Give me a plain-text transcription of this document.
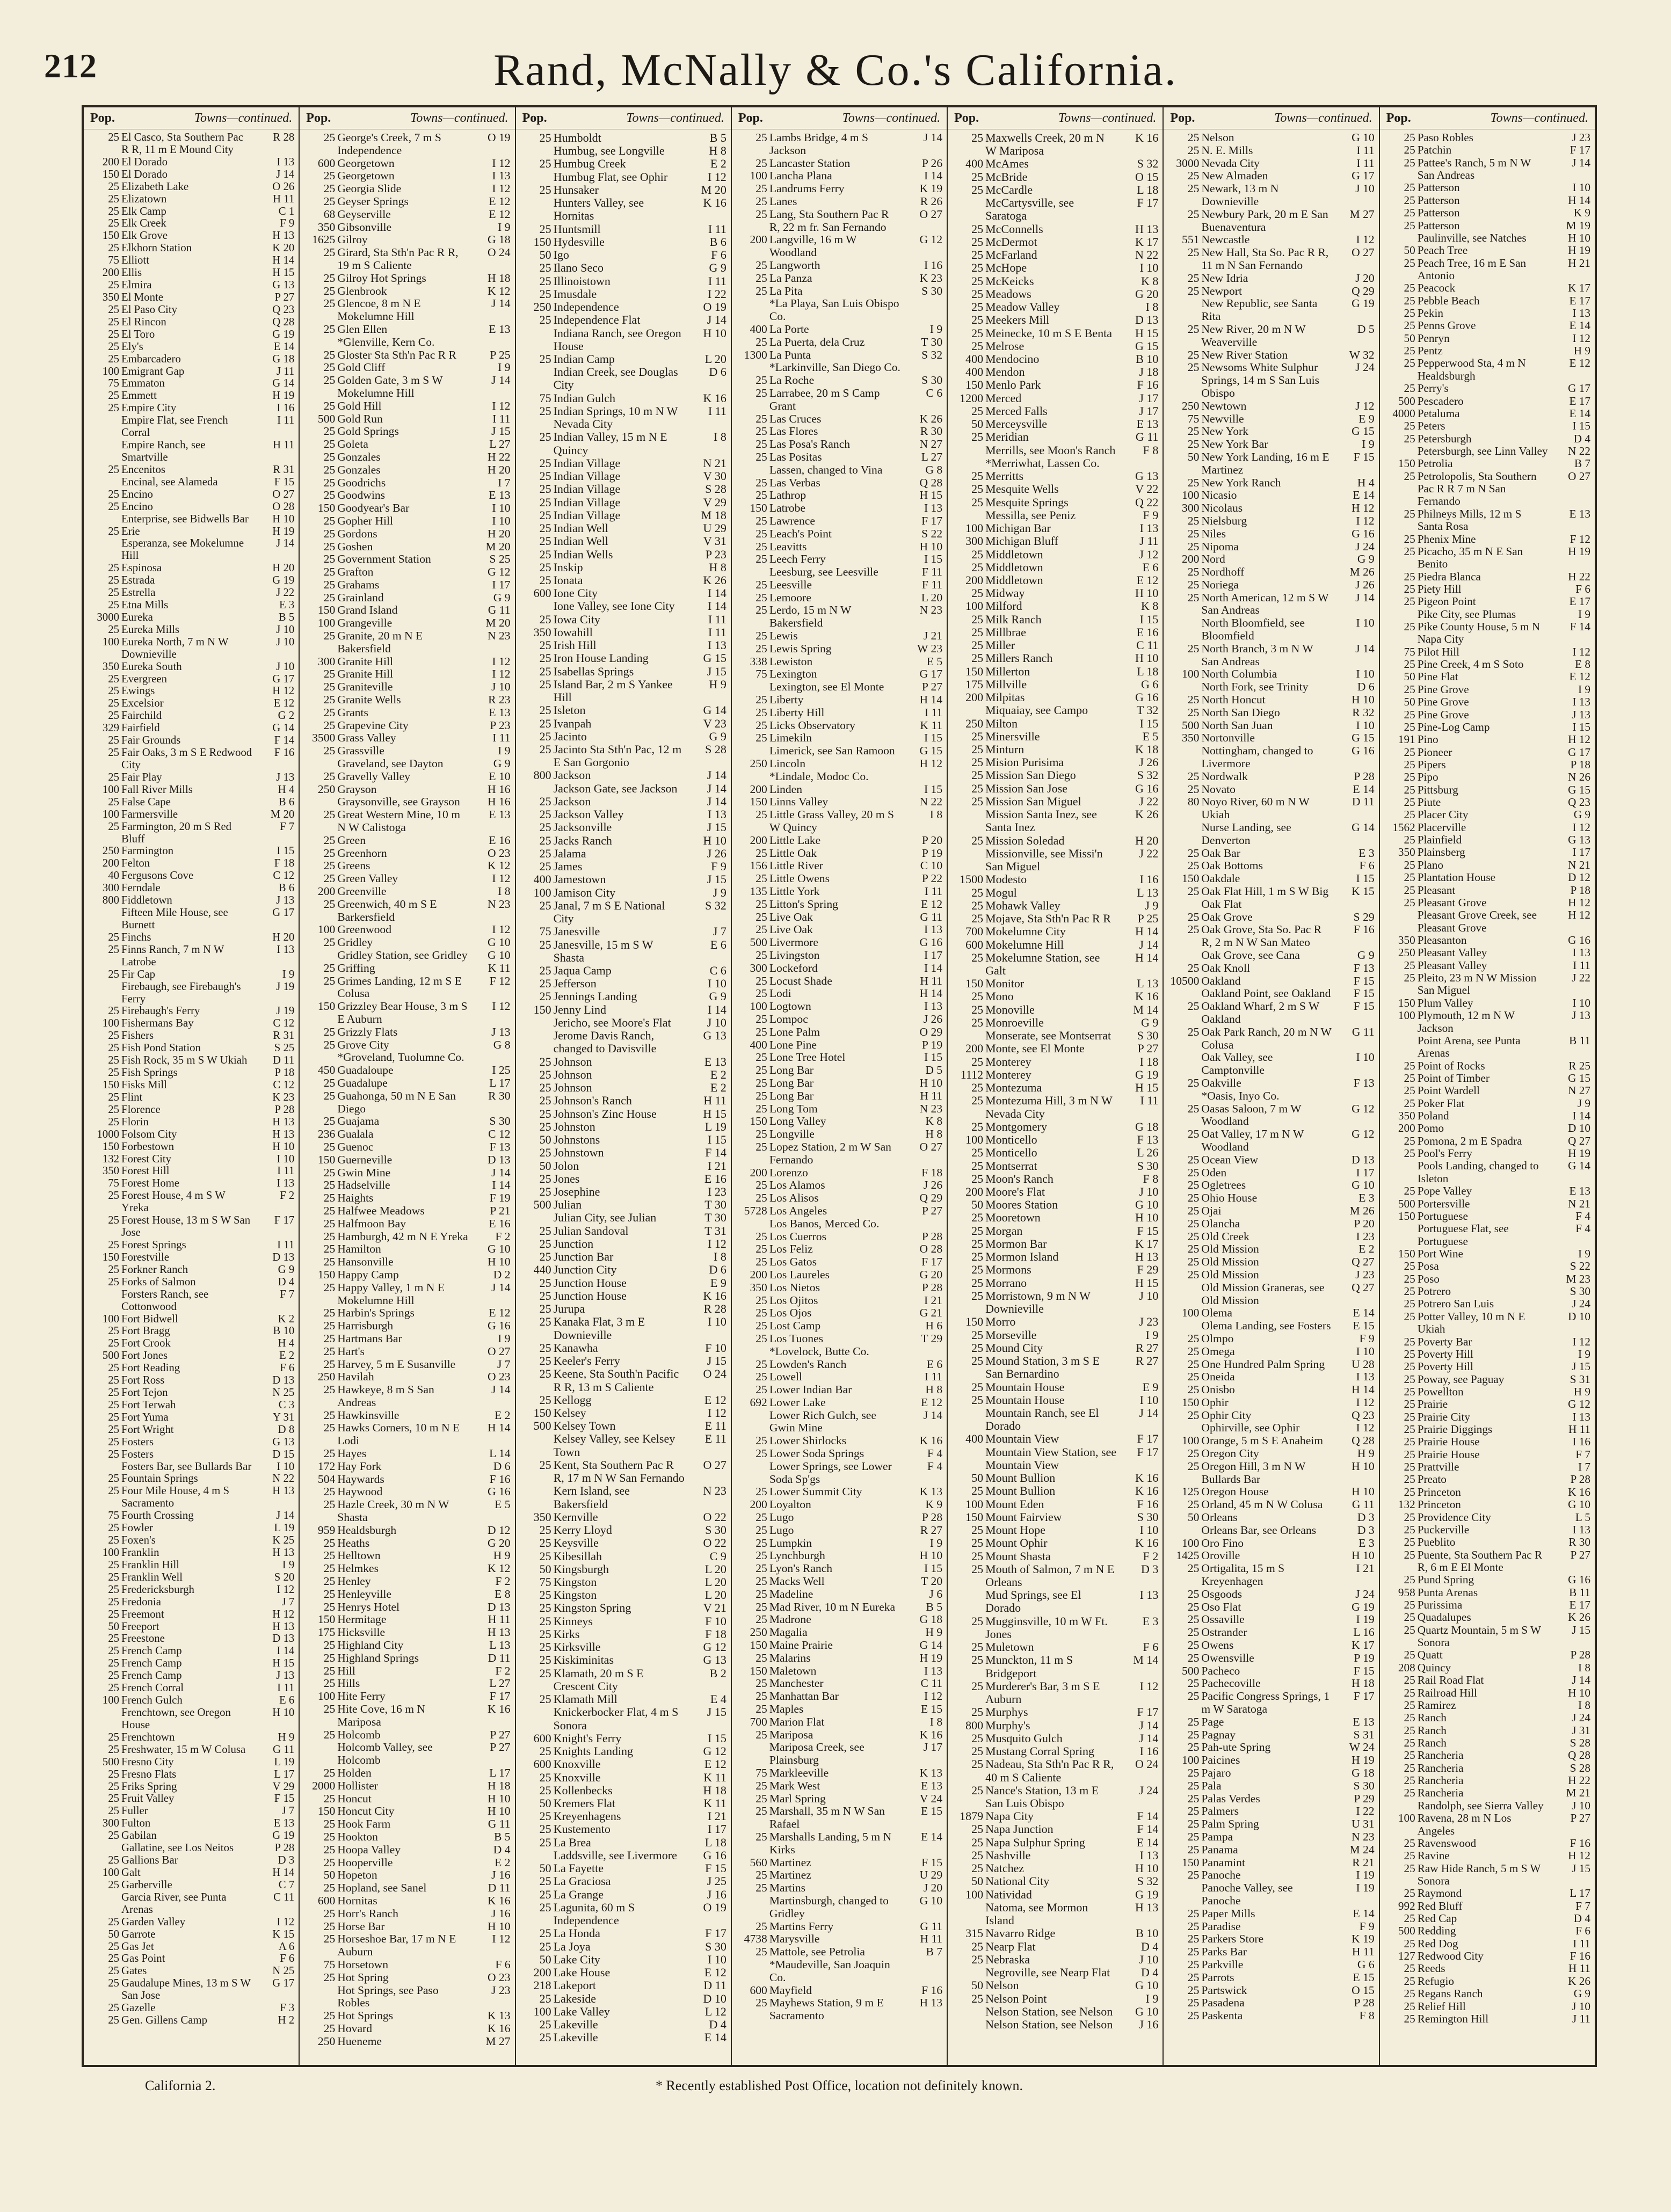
212	Rand, McNally & Co.'s California.
Pop.	Towns—continued.
25 El Casco, Sta Southern Pac R R, 11 m E Mound City
R 28
200 El Dorado	I 13
150 El Dorado	J 14
25 Elizabeth Lake	O 26
25 Elizatown	H 11
25 Elk Camp	C 1
25 Elk Creek	F 9
150 Elk Grove	H 13
25 Elkhorn Station	K 20
75 Elliott	H 14
200 Ellis	H 15
25 Elmira	G 13
350 El Monte	P 27
25 El Paso City	Q 23
25 El Rincon	Q 28
25 El Toro	G 19
25 Ely's	E 14
25 Embarcadero	G 18
100 Emigrant Gap	J 11
75 Emmaton	G 14
25 Emmett	H 19
25 Empire City	I 16
Empire Flat, see French Corral
I 11
Empire Ranch, see Smartville
H 11
25 Encenitos	R 31
Encinal, see Alameda	F 15
25 Encino	O 27
25 Encino	O 28
Enterprise, see Bidwells Bar	H 10
25 Erie	H 19
Esperanza, see Mokelumne Hill
J 14
25 Espinosa	H 20
25 Estrada	G 19
25 Estrella	J 22
25 Etna Mills	E 3
3000 Eureka	B 5
25 Eureka Mills	J 10
100 Eureka North, 7 m N W Downieville
J 10
350 Eureka South	J 10
25 Evergreen	G 17
25 Ewings	H 12
25 Excelsior	E 12
25 Fairchild	G 2
329 Fairfield	G 14
25 Fair Grounds	F 14
25 Fair Oaks, 3 m S E Redwood City
F 16
25 Fair Play	J 13
100 Fall River Mills	H 4
25 False Cape	B 6
100 Farmersville	M 20
25 Farmington, 20 m S Red Bluff
F 7
250 Farmington	I 15
200 Felton	F 18
40 Fergusons Cove	C 12
300 Ferndale	B 6
800 Fiddletown	J 13
Fifteen Mile House, see Burnett
G 17
25 Finchs	H 20
25 Finns Ranch, 7 m N W Latrobe
I 13
25 Fir Cap	I 9
Firebaugh, see Firebaugh's Ferry
J 19
25 Firebaugh's Ferry	J 19
100 Fishermans Bay	C 12
25 Fishers	R 31
25 Fish Pond Station	S 25
25 Fish Rock, 35 m S W Ukiah	D 11
25 Fish Springs	P 18
150 Fisks Mill	C 12
25 Flint	K 23
25 Florence	P 28
25 Florin	H 13
1000 Folsom City	H 13
150 Forbestown	H 10
132 Forest City	I 10
350 Forest Hill	I 11
75 Forest Home	I 13
25 Forest House, 4 m S W Yreka
F 2
25 Forest House, 13 m S W San Jose
F 17
25 Forest Springs	I 11
150 Forestville	D 13
25 Forkner Ranch	G 9
25 Forks of Salmon	D 4
Forsters Ranch, see Cottonwood
F 7
100 Fort Bidwell	K 2
25 Fort Bragg	B 10
25 Fort Crook	H 4
500 Fort Jones	E 2
25 Fort Reading	F 6
25 Fort Ross	D 13
25 Fort Tejon	N 25
25 Fort Terwah	C 3
25 Fort Yuma	Y 31
25 Fort Wright	D 8
25 Fosters	G 13
25 Fosters	D 15
Fosters Bar, see Bullards Bar	I 10
25 Fountain Springs	N 22
25 Four Mile House, 4 m S Sacramento
H 13
75 Fourth Crossing	J 14
25 Fowler	L 19
25 Foxen's	K 25
100 Franklin	H 13
25 Franklin Hill	I 9
25 Franklin Well	S 20
25 Fredericksburgh	I 12
25 Fredonia	J 7
25 Freemont	H 12
50 Freeport	H 13
25 Freestone	D 13
25 French Camp	I 14
25 French Camp	H 15
25 French Camp	J 13
25 French Corral	I 11
100 French Gulch	E 6
Frenchtown, see Oregon House
H 10
25 Frenchtown	H 9
25 Freshwater, 15 m W Colusa	G 11
500 Fresno City	L 19
25 Fresno Flats	L 17
25 Friks Spring	V 29
25 Fruit Valley	F 15
25 Fuller	J 7
300 Fulton	E 13
25 Gabilan	G 19
Gallatine, see Los Neitos	P 28
25 Gallions Bar	D 3
100 Galt	H 14
25 Garberville	C 7
Garcia River, see Punta Arenas
C 11
25 Garden Valley	I 12
50 Garrote	K 15
25 Gas Jet	A 6
25 Gas Point	F 6
25 Gates	N 25
25 Gaudalupe Mines, 13 m S W San Jose
G 17
25 Gazelle	F 3
25 Gen. Gillens Camp	H 2
Pop.	Towns—continued.
25 George's Creek, 7 m S Independence
O 19
600 Georgetown	I 12
25 Georgetown	I 13
25 Georgia Slide	I 12
25 Geyser Springs	E 12
68 Geyserville	E 12
350 Gibsonville	I 9
1625 Gilroy	G 18
25 Girard, Sta Sth'n Pac R R, 19 m S Caliente
O 24
25 Gilroy Hot Springs	H 18
25 Glenbrook	K 12
25 Glencoe, 8 m N E Mokelumne Hill
J 14
25 Glen Ellen	E 13
*Glenville, Kern Co.
25 Gloster Sta Sth'n Pac R R	P 25
25 Gold Cliff	I 9
25 Golden Gate, 3 m S W Mokelumne Hill
J 14
25 Gold Hill	I 12
500 Gold Run	I 11
25 Gold Springs	J 15
25 Goleta	L 27
25 Gonzales	H 22
25 Gonzales	H 20
25 Goodrichs	I 7
25 Goodwins	E 13
150 Goodyear's Bar	I 10
25 Gopher Hill	I 10
25 Gordons	H 20
25 Goshen	M 20
25 Government Station	S 25
25 Grafton	G 12
25 Grahams	I 17
25 Grainland	G 9
150 Grand Island	G 11
100 Grangeville	M 20
25 Granite, 20 m N E Bakersfield
N 23
300 Granite Hill	I 12
25 Granite Hill	I 12
25 Graniteville	J 10
25 Granite Wells	R 23
25 Grants	E 13
25 Grapevine City	P 23
3500 Grass Valley	I 11
25 Grassville	I 9
Graveland, see Dayton	G 9
25 Gravelly Valley	E 10
250 Grayson	H 16
Graysonville, see Grayson	H 16
25 Great Western Mine, 10 m N W Calistoga
E 13
25 Green	E 16
25 Greenhorn	O 23
25 Greens	K 12
25 Green Valley	I 12
200 Greenville	I 8
25 Greenwich, 40 m S E Barkersfield
N 23
100 Greenwood	I 12
25 Gridley	G 10
Gridley Station, see Gridley	G 10
25 Griffing	K 11
25 Grimes Landing, 12 m S E Colusa
F 12
150 Grizzley Bear House, 3 m S E Auburn
I 12
25 Grizzly Flats	J 13
25 Grove City	G 8
*Groveland, Tuolumne Co.
450 Guadaloupe	I 25
25 Guadalupe	L 17
25 Guahonga, 50 m N E San Diego
R 30
25 Guajama	S 30
236 Gualala	C 12
25 Guenoc	F 13
150 Guerneville	D 13
25 Gwin Mine	J 14
25 Hadselville	I 14
25 Haights	F 19
25 Halfwee Meadows	P 21
25 Halfmoon Bay	E 16
25 Hamburgh, 42 m N E Yreka	F 2
25 Hamilton	G 10
25 Hansonville	H 10
150 Happy Camp	D 2
25 Happy Valley, 1 m N E Mokelumne Hill
J 14
25 Harbin's Springs	E 12
25 Harrisburgh	G 16
25 Hartmans Bar	I 9
25 Hart's	O 27
25 Harvey, 5 m E Susanville	J 7
250 Havilah	O 23
25 Hawkeye, 8 m S San Andreas
J 14
25 Hawkinsville	E 2
25 Hawks Corners, 10 m N E Lodi
H 14
25 Hayes	L 14
172 Hay Fork	D 6
504 Haywards	F 16
25 Haywood	G 16
25 Hazle Creek, 30 m N W Shasta
E 5
959 Healdsburgh	D 12
25 Heaths	G 20
25 Helltown	H 9
25 Helmkes	K 12
25 Henley	F 2
25 Henleyville	E 8
25 Henrys Hotel	D 13
150 Hermitage	H 11
175 Hicksville	H 13
25 Highland City	L 13
25 Highland Springs	D 11
25 Hill	F 2
25 Hills	L 27
100 Hite Ferry	F 17
25 Hite Cove, 16 m N Mariposa
K 16
25 Holcomb	P 27
Holcomb Valley, see Holcomb
P 27
25 Holden	L 17
2000 Hollister	H 18
25 Honcut	H 10
150 Honcut City	H 10
25 Hook Farm	G 11
25 Hookton	B 5
25 Hoopa Valley	D 4
25 Hooperville	E 2
50 Hopeton	J 16
25 Hopland, see Sanel	D 11
600 Hornitas	K 16
25 Horr's Ranch	J 16
25 Horse Bar	H 10
25 Horseshoe Bar, 17 m N E Auburn
I 12
75 Horsetown	F 6
25 Hot Spring	O 23
Hot Springs, see Paso Robles
J 23
25 Hot Springs	K 13
25 Hovard	K 16
250 Hueneme	M 27
Pop.	Towns—continued.
25 Humboldt	B 5
Humbug, see Longville	H 8
25 Humbug Creek	E 2
Humbug Flat, see Ophir	I 12
25 Hunsaker	M 20
Hunters Valley, see Hornitas
K 16
25 Huntsmill	I 11
150 Hydesville	B 6
50 Igo	F 6
25 Ilano Seco	G 9
25 Illinoistown	I 11
25 Imusdale	I 22
250 Independence	O 19
25 Independence Flat	J 14
Indiana Ranch, see Oregon House
H 10
25 Indian Camp	L 20
Indian Creek, see Douglas City
D 6
75 Indian Gulch	K 16
25 Indian Springs, 10 m N W Nevada City
I 11
25 Indian Valley, 15 m N E Quincy
I 8
25 Indian Village	N 21
25 Indian Village	V 30
25 Indian Village	S 28
25 Indian Village	V 29
25 Indian Village	M 18
25 Indian Well	U 29
25 Indian Well	V 31
25 Indian Wells	P 23
25 Inskip	H 8
25 Ionata	K 26
600 Ione City	I 14
Ione Valley, see Ione City	I 14
25 Iowa City	I 11
350 Iowahill	I 11
25 Irish Hill	I 13
25 Iron House Landing	G 15
25 Isabellas Springs	J 15
25 Island Bar, 2 m S Yankee Hill
H 9
25 Isleton	G 14
25 Ivanpah	V 23
25 Jacinto	G 9
25 Jacinto Sta Sth'n Pac, 12 m E San Gorgonio
S 28
800 Jackson	J 14
Jackson Gate, see Jackson	J 14
25 Jackson	J 14
25 Jackson Valley	I 13
25 Jacksonville	J 15
25 Jacks Ranch	H 10
25 Jalama	J 26
25 James	F 9
400 Jamestown	J 15
100 Jamison City	J 9
25 Janal, 7 m S E National City
S 32
75 Janesville	J 7
25 Janesville, 15 m S W Shasta
E 6
25 Jaqua Camp	C 6
25 Jefferson	I 10
25 Jennings Landing	G 9
150 Jenny Lind	I 14
Jericho, see Moore's Flat	J 10
Jerome Davis Ranch, changed to Davisville
G 13
25 Johnson	E 13
25 Johnson	E 2
25 Johnson	E 2
25 Johnson's Ranch	H 11
25 Johnson's Zinc House	H 15
25 Johnston	L 19
50 Johnstons	I 15
25 Johnstown	F 14
50 Jolon	I 21
25 Jones	E 16
25 Josephine	I 23
500 Julian	T 30
Julian City, see Julian	T 30
25 Julian Sandoval	T 31
25 Junction	I 12
25 Junction Bar	I 8
440 Junction City	D 6
25 Junction House	E 9
25 Junction House	K 16
25 Jurupa	R 28
25 Kanaka Flat, 3 m E Downieville
I 10
25 Kanawha	F 10
25 Keeler's Ferry	J 15
25 Keene, Sta South'n Pacific R R, 13 m S Caliente
O 24
25 Kellogg	E 12
150 Kelsey	I 12
500 Kelsey Town	E 11
Kelsey Valley, see Kelsey Town
E 11
25 Kent, Sta Southern Pac R R, 17 m N W San Fernando
O 27
Kern Island, see Bakersfield
N 23
350 Kernville	O 22
25 Kerry Lloyd	S 30
25 Keysville	O 22
25 Kibesillah	C 9
50 Kingsburgh	L 20
75 Kingston	L 20
25 Kingston	L 20
25 Kingston Spring	V 21
25 Kinneys	F 10
25 Kirks	F 18
25 Kirksville	G 12
25 Kiskiminitas	G 13
25 Klamath, 20 m S E Crescent City
B 2
25 Klamath Mill	E 4
Knickerbocker Flat, 4 m S Sonora
J 15
600 Knight's Ferry	I 15
25 Knights Landing	G 12
600 Knoxville	E 12
25 Knoxville	K 11
25 Kollenbecks	H 18
50 Kremers Flat	K 11
25 Kreyenhagens	I 21
25 Kustemento	I 17
25 La Brea	L 18
Laddsville, see Livermore	G 16
50 La Fayette	F 15
25 La Graciosa	J 25
25 La Grange	J 16
25 Lagunita, 60 m S Independence
O 19
25 La Honda	F 17
25 La Joya	S 30
50 Lake City	I 10
200 Lake House	E 12
218 Lakeport	D 11
25 Lakeside	D 10
100 Lake Valley	L 12
25 Lakeville	D 4
25 Lakeville	E 14
Pop.	Towns—continued.
25 Lambs Bridge, 4 m S Jackson
J 14
25 Lancaster Station	P 26
100 Lancha Plana	I 14
25 Landrums Ferry	K 19
25 Lanes	R 26
25 Lang, Sta Southern Pac R R, 22 m fr. San Fernando
O 27
200 Langville, 16 m W Woodland
G 12
25 Langworth	I 16
25 La Panza	K 23
25 La Pita	S 30
*La Playa, San Luis Obispo Co.
400 La Porte	I 9
25 La Puerta, dela Cruz	T 30
1300 La Punta	S 32
*Larkinville, San Diego Co.
25 La Roche	S 30
25 Larrabee, 20 m S Camp Grant
C 6
25 Las Cruces	K 26
25 Las Flores	R 30
25 Las Posa's Ranch	N 27
25 Las Positas	L 27
Lassen, changed to Vina	G 8
25 Las Verbas	Q 28
25 Lathrop	H 15
150 Latrobe	I 13
25 Lawrence	F 17
25 Leach's Point	S 22
25 Leavitts	H 10
25 Leech Ferry	I 15
Leesburg, see Leesville	F 11
25 Leesville	F 11
25 Lemoore	L 20
25 Lerdo, 15 m N W Bakersfield
N 23
25 Lewis	J 21
25 Lewis Spring	W 23
338 Lewiston	E 5
75 Lexington	G 17
Lexington, see El Monte	P 27
25 Liberty	H 14
25 Liberty Hill	I 11
25 Licks Observatory	K 11
25 Limekiln	I 15
Limerick, see San Ramoon	G 15
250 Lincoln	H 12
*Lindale, Modoc Co.
200 Linden	I 15
150 Linns Valley	N 22
25 Little Grass Valley, 20 m S W Quincy
I 8
200 Little Lake	P 20
25 Little Oak	P 19
156 Little River	C 10
25 Little Owens	P 22
135 Little York	I 11
25 Litton's Spring	E 12
25 Live Oak	G 11
25 Live Oak	I 13
500 Livermore	G 16
25 Livingston	I 17
300 Lockeford	I 14
25 Locust Shade	H 11
25 Lodi	H 14
100 Logtown	I 13
25 Lompoc	J 26
25 Lone Palm	O 29
400 Lone Pine	P 19
25 Lone Tree Hotel	I 15
25 Long Bar	D 5
25 Long Bar	H 10
25 Long Bar	H 11
25 Long Tom	N 23
150 Long Valley	K 8
25 Longville	H 8
25 Lopez Station, 2 m W San Fernando
O 27
200 Lorenzo	F 18
25 Los Alamos	J 26
25 Los Alisos	Q 29
5728 Los Angeles	P 27
Los Banos, Merced Co.
25 Los Cuerros	P 28
25 Los Feliz	O 28
25 Los Gatos	F 17
200 Los Laureles	G 20
350 Los Nietos	P 28
25 Los Ojitos	I 21
25 Los Ojos	G 21
25 Lost Camp	H 6
25 Los Tuones	T 29
*Lovelock, Butte Co.
25 Lowden's Ranch	E 6
25 Lowell	I 11
25 Lower Indian Bar	H 8
692 Lower Lake	E 12
Lower Rich Gulch, see Gwin Mine
J 14
25 Lower Shirlocks	K 16
25 Lower Soda Springs	F 4
Lower Springs, see Lower Soda Sp'gs
F 4
25 Lower Summit City	K 13
200 Loyalton	K 9
25 Lugo	P 28
25 Lugo	R 27
25 Lumpkin	I 9
25 Lynchburgh	H 10
25 Lyon's Ranch	I 15
25 Macks Well	T 20
25 Madeline	J 6
25 Mad River, 10 m N Eureka	B 5
25 Madrone	G 18
250 Magalia	H 9
150 Maine Prairie	G 14
25 Malarins	H 19
150 Maletown	I 13
25 Manchester	C 11
25 Manhattan Bar	I 12
25 Maples	E 15
700 Marion Flat	I 8
25 Mariposa	K 16
Mariposa Creek, see Plainsburg
J 17
75 Markleeville	K 13
25 Mark West	E 13
25 Marl Spring	V 24
25 Marshall, 35 m N W San Rafael
E 15
25 Marshalls Landing, 5 m N Kirks
E 14
560 Martinez	F 15
25 Martinez	U 29
25 Martins	J 20
Martinsburgh, changed to Gridley
G 10
25 Martins Ferry	G 11
4738 Marysville	H 11
25 Mattole, see Petrolia	B 7
*Maudeville, San Joaquin Co.
600 Mayfield	F 16
25 Mayhews Station, 9 m E Sacramento
H 13
Pop.	Towns—continued.
25 Maxwells Creek, 20 m N W Mariposa
K 16
400 McAmes	S 32
25 McBride	O 15
25 McCardle	L 18
McCartysville, see Saratoga
F 17
25 McConnells	H 13
25 McDermot	K 17
25 McFarland	N 22
25 McHope	I 10
25 McKeicks	K 8
25 Meadows	G 20
25 Meadow Valley	I 8
25 Meekers Mill	D 13
25 Meinecke, 10 m S E Benta	H 15
25 Melrose	G 15
400 Mendocino	B 10
400 Mendon	J 18
150 Menlo Park	F 16
1200 Merced	J 17
25 Merced Falls	J 17
50 Merceysville	E 13
25 Meridian	G 11
Merrills, see Moon's Ranch	F 8
*Merriwhat, Lassen Co.
25 Merritts	G 13
25 Mesquite Wells	V 22
25 Mesquite Springs	Q 22
Messilla, see Peniz	F 9
100 Michigan Bar	I 13
300 Michigan Bluff	J 11
25 Middletown	J 12
25 Middletown	E 6
200 Middletown	E 12
25 Midway	H 10
100 Milford	K 8
25 Milk Ranch	I 15
25 Millbrae	E 16
25 Miller	C 11
25 Millers Ranch	H 10
150 Millerton	L 18
175 Millville	G 6
200 Milpitas	G 16
Miquaiay, see Campo	T 32
250 Milton	I 15
25 Minersville	E 5
25 Minturn	K 18
25 Mision Purisima	J 26
25 Mission San Diego	S 32
25 Mission San Jose	G 16
25 Mission San Miguel	J 22
Mission Santa Inez, see Santa Inez
K 26
25 Mission Soledad	H 20
Missionville, see Missi'n San Miguel
J 22
1500 Modesto	I 16
25 Mogul	L 13
25 Mohawk Valley	J 9
25 Mojave, Sta Sth'n Pac R R	P 25
700 Mokelumne City	H 14
600 Mokelumne Hill	J 14
25 Mokelumne Station, see Galt
H 14
150 Monitor	L 13
25 Mono	K 16
25 Monoville	M 14
25 Monroeville	G 9
Monserate, see Montserrat	S 30
200 Monte, see El Monte	P 27
25 Monterey	I 18
1112 Monterey	G 19
25 Montezuma	H 15
25 Montezuma Hill, 3 m N W Nevada City
I 11
25 Montgomery	G 18
100 Monticello	F 13
25 Monticello	L 26
25 Montserrat	S 30
25 Moon's Ranch	F 8
200 Moore's Flat	J 10
50 Moores Station	G 10
25 Mooretown	H 10
25 Morgan	F 15
25 Mormon Bar	K 17
25 Mormon Island	H 13
25 Mormons	F 29
25 Morrano	H 15
25 Morristown, 9 m N W Downieville
J 10
150 Morro	J 23
25 Morseville	I 9
25 Mound City	R 27
25 Mound Station, 3 m S E San Bernardino
R 27
25 Mountain House	E 9
25 Mountain House	I 10
Mountain Ranch, see El Dorado
J 14
400 Mountain View	F 17
Mountain View Station, see Mountain View
F 17
50 Mount Bullion	K 16
25 Mount Bullion	K 16
100 Mount Eden	F 16
150 Mount Fairview	S 30
25 Mount Hope	I 10
25 Mount Ophir	K 16
25 Mount Shasta	F 2
25 Mouth of Salmon, 7 m N E Orleans
D 3
Mud Springs, see El Dorado
I 13
25 Mugginsville, 10 m W Ft. Jones
E 3
25 Muletown	F 6
25 Munckton, 11 m S Bridgeport
M 14
25 Murderer's Bar, 3 m S E Auburn
I 12
25 Murphys	F 17
800 Murphy's	J 14
25 Musquito Gulch	J 14
25 Mustang Corral Spring	I 16
25 Nadeau, Sta Sth'n Pac R R, 40 m S Caliente
O 24
25 Nance's Station, 13 m E San Luis Obispo
J 24
1879 Napa City	F 14
25 Napa Junction	F 14
25 Napa Sulphur Spring	E 14
25 Nashville	I 13
25 Natchez	H 10
50 National City	S 32
100 Natividad	G 19
Natoma, see Mormon Island
H 13
315 Navarro Ridge	B 10
25 Nearp Flat	D 4
25 Nebraska	J 10
Negroville, see Nearp Flat	D 4
50 Nelson	G 10
25 Nelson Point	I 9
Nelson Station, see Nelson	G 10
Nelson Station, see Nelson	J 16
Pop.	Towns—continued.
25 Nelson	G 10
25 N. E. Mills	I 11
3000 Nevada City	I 11
25 New Almaden	G 17
25 Newark, 13 m N Downieville
J 10
25 Newbury Park, 20 m E San Buenaventura
M 27
551 Newcastle	I 12
25 New Hall, Sta So. Pac R R, 11 m N San Fernando
O 27
25 New Idria	J 20
25 Newport	Q 29
New Republic, see Santa Rita
G 19
25 New River, 20 m N W Weaverville
D 5
25 New River Station	W 32
25 Newsoms White Sulphur Springs, 14 m S San Luis Obispo
J 24
250 Newtown	J 12
75 Newville	E 9
25 New York	G 15
25 New York Bar	I 9
50 New York Landing, 16 m E Martinez
F 15
25 New York Ranch	H 4
100 Nicasio	E 14
300 Nicolaus	H 12
25 Nielsburg	I 12
25 Niles	G 16
25 Nipoma	J 24
200 Nord	G 9
25 Nordhoff	M 26
25 Noriega	J 26
25 North American, 12 m S W San Andreas
J 14
North Bloomfield, see Bloomfield
I 10
25 North Branch, 3 m N W San Andreas
J 14
100 North Columbia	I 10
North Fork, see Trinity	D 6
25 North Honcut	H 10
25 North San Diego	R 32
500 North San Juan	I 10
350 Nortonville	G 15
Nottingham, changed to Livermore
G 16
25 Nordwalk	P 28
25 Novato	E 14
80 Noyo River, 60 m N W Ukiah
D 11
Nurse Landing, see Denverton
G 14
25 Oak Bar	E 3
25 Oak Bottoms	F 6
150 Oakdale	I 15
25 Oak Flat Hill, 1 m S W Big Oak Flat
K 15
25 Oak Grove	S 29
25 Oak Grove, Sta So. Pac R R, 2 m N W San Mateo
F 16
Oak Grove, see Cana	G 9
25 Oak Knoll	F 13
10500 Oakland	F 15
Oakland Point, see Oakland	F 15
25 Oakland Wharf, 2 m S W Oakland
F 15
25 Oak Park Ranch, 20 m N W Colusa
G 11
Oak Valley, see Camptonville
I 10
25 Oakville	F 13
*Oasis, Inyo Co.
25 Oasas Saloon, 7 m W Woodland
G 12
25 Oat Valley, 17 m N W Woodland
G 12
25 Ocean View	D 13
25 Oden	I 17
25 Ogletrees	G 10
25 Ohio House	E 3
25 Ojai	M 26
25 Olancha	P 20
25 Old Creek	I 23
25 Old Mission	E 2
25 Old Mission	Q 27
25 Old Mission	J 23
Old Mission Graneras, see Old Mission
Q 27
100 Olema	E 14
Olema Landing, see Fosters	E 15
25 Olmpo	F 9
25 Omega	I 10
25 One Hundred Palm Spring	U 28
25 Oneida	I 13
25 Onisbo	H 14
150 Ophir	I 12
25 Ophir City	Q 23
Ophirville, see Ophir	I 12
100 Orange, 5 m S E Anaheim	Q 28
25 Oregon City	H 9
25 Oregon Hill, 3 m N W Bullards Bar
H 10
125 Oregon House	H 10
25 Orland, 45 m N W Colusa	G 11
50 Orleans	D 3
Orleans Bar, see Orleans	D 3
100 Oro Fino	E 3
1425 Oroville	H 10
25 Ortigalita, 15 m S Kreyenhagen
I 21
25 Osgoods	J 24
25 Oso Flat	G 19
25 Ossaville	I 19
25 Ostrander	L 16
25 Owens	K 17
25 Owensville	P 19
500 Pacheco	F 15
25 Pachecoville	H 18
25 Pacific Congress Springs, 1 m W Saratoga
F 17
25 Page	E 13
25 Pagnay	S 31
25 Pah-ute Spring	W 24
100 Paicines	H 19
25 Pajaro	G 18
25 Pala	S 30
25 Palas Verdes	P 29
25 Palmers	I 22
25 Palm Spring	U 31
25 Pampa	N 23
25 Panama	M 24
150 Panamint	R 21
25 Panoche	I 19
Panoche Valley, see Panoche
I 19
25 Paper Mills	E 14
25 Paradise	F 9
25 Parkers Store	K 19
25 Parks Bar	H 11
25 Parkville	G 6
25 Parrots	E 15
25 Partswick	O 15
25 Pasadena	P 28
25 Paskenta	F 8
Pop.	Towns—continued.
25 Paso Robles	J 23
25 Patchin	F 17
25 Pattee's Ranch, 5 m N W San Andreas
J 14
25 Patterson	I 10
25 Patterson	H 14
25 Patterson	K 9
25 Patterson	M 19
Paulinville, see Natches	H 10
50 Peach Tree	H 19
25 Peach Tree, 16 m E San Antonio
H 21
25 Peacock	K 17
25 Pebble Beach	E 17
25 Pekin	I 13
25 Penns Grove	E 14
50 Penryn	I 12
25 Pentz	H 9
25 Pepperwood Sta, 4 m N Healdsburgh
E 12
25 Perry's	G 17
500 Pescadero	E 17
4000 Petaluma	E 14
25 Peters	I 15
25 Petersburgh	D 4
Petersburgh, see Linn Valley	N 22
150 Petrolia	B 7
25 Petrolopolis, Sta Southern Pac R R 7 m N San Fernando
O 27
25 Philneys Mills, 12 m S Santa Rosa
E 13
25 Phenix Mine	F 12
25 Picacho, 35 m N E San Benito
H 19
25 Piedra Blanca	H 22
25 Piety Hill	F 6
25 Pigeon Point	E 17
Pike City, see Plumas	I 9
25 Pike County House, 5 m N Napa City
F 14
75 Pilot Hill	I 12
25 Pine Creek, 4 m S Soto	E 8
50 Pine Flat	E 12
25 Pine Grove	I 9
50 Pine Grove	I 13
25 Pine Grove	J 13
25 Pine-Log Camp	I 15
191 Pino	H 12
25 Pioneer	G 17
25 Pipers	P 18
25 Pipo	N 26
25 Pittsburg	G 15
25 Piute	Q 23
25 Placer City	G 9
1562 Placerville	I 12
25 Plainfield	G 13
350 Plainsberg	I 17
25 Plano	N 21
25 Plantation House	D 12
25 Pleasant	P 18
25 Pleasant Grove	H 12
Pleasant Grove Creek, see Pleasant Grove
H 12
350 Pleasanton	G 16
250 Pleasant Valley	I 13
25 Pleasant Valley	I 11
25 Pleito, 23 m N W Mission San Miguel
J 22
150 Plum Valley	I 10
100 Plymouth, 12 m N W Jackson
J 13
Point Arena, see Punta Arenas
B 11
25 Point of Rocks	R 25
25 Point of Timber	G 15
25 Point Wardell	N 27
25 Poker Flat	J 9
350 Poland	I 14
200 Pomo	D 10
25 Pomona, 2 m E Spadra	Q 27
25 Pool's Ferry	H 19
Pools Landing, changed to Isleton
G 14
25 Pope Valley	E 13
500 Portersville	N 21
150 Portuguese	F 4
Portuguese Flat, see Portuguese
F 4
150 Port Wine	I 9
25 Posa	S 22
25 Poso	M 23
25 Potrero	S 30
25 Potrero San Luis	J 24
25 Potter Valley, 10 m N E Ukiah
D 10
25 Poverty Bar	I 12
25 Poverty Hill	I 9
25 Poverty Hill	J 15
25 Poway, see Paguay	S 31
25 Powellton	H 9
25 Prairie	G 12
25 Prairie City	I 13
25 Prairie Diggings	H 11
25 Prairie House	I 16
25 Prairie House	F 7
25 Prattville	I 7
25 Preato	P 28
25 Princeton	K 16
132 Princeton	G 10
25 Providence City	L 5
25 Puckerville	I 13
25 Pueblito	R 30
25 Puente, Sta Southern Pac R R, 6 m E El Monte
P 27
25 Pund Spring	G 16
958 Punta Arenas	B 11
25 Purissima	E 17
25 Quadalupes	K 26
25 Quartz Mountain, 5 m S W Sonora
J 15
25 Quatt	P 28
208 Quincy	I 8
25 Rail Road Flat	J 14
25 Railroad Hill	H 10
25 Ramirez	I 8
25 Ranch	J 24
25 Ranch	J 31
25 Ranch	S 28
25 Rancheria	Q 28
25 Rancheria	S 28
25 Rancheria	H 22
25 Rancheria	M 21
Randolph, see Sierra Valley	J 10
100 Ravena, 28 m N Los Angeles
P 27
25 Ravenswood	F 16
25 Ravine	H 12
25 Raw Hide Ranch, 5 m S W Sonora
J 15
25 Raymond	L 17
992 Red Bluff	F 7
25 Red Cap	D 4
500 Redding	F 6
25 Red Dog	I 11
127 Redwood City	F 16
25 Reeds	H 11
25 Refugio	K 26
25 Regans Ranch	G 9
25 Relief Hill	J 10
25 Remington Hill	J 11
California 2.	* Recently established Post Office, location not definitely known.
